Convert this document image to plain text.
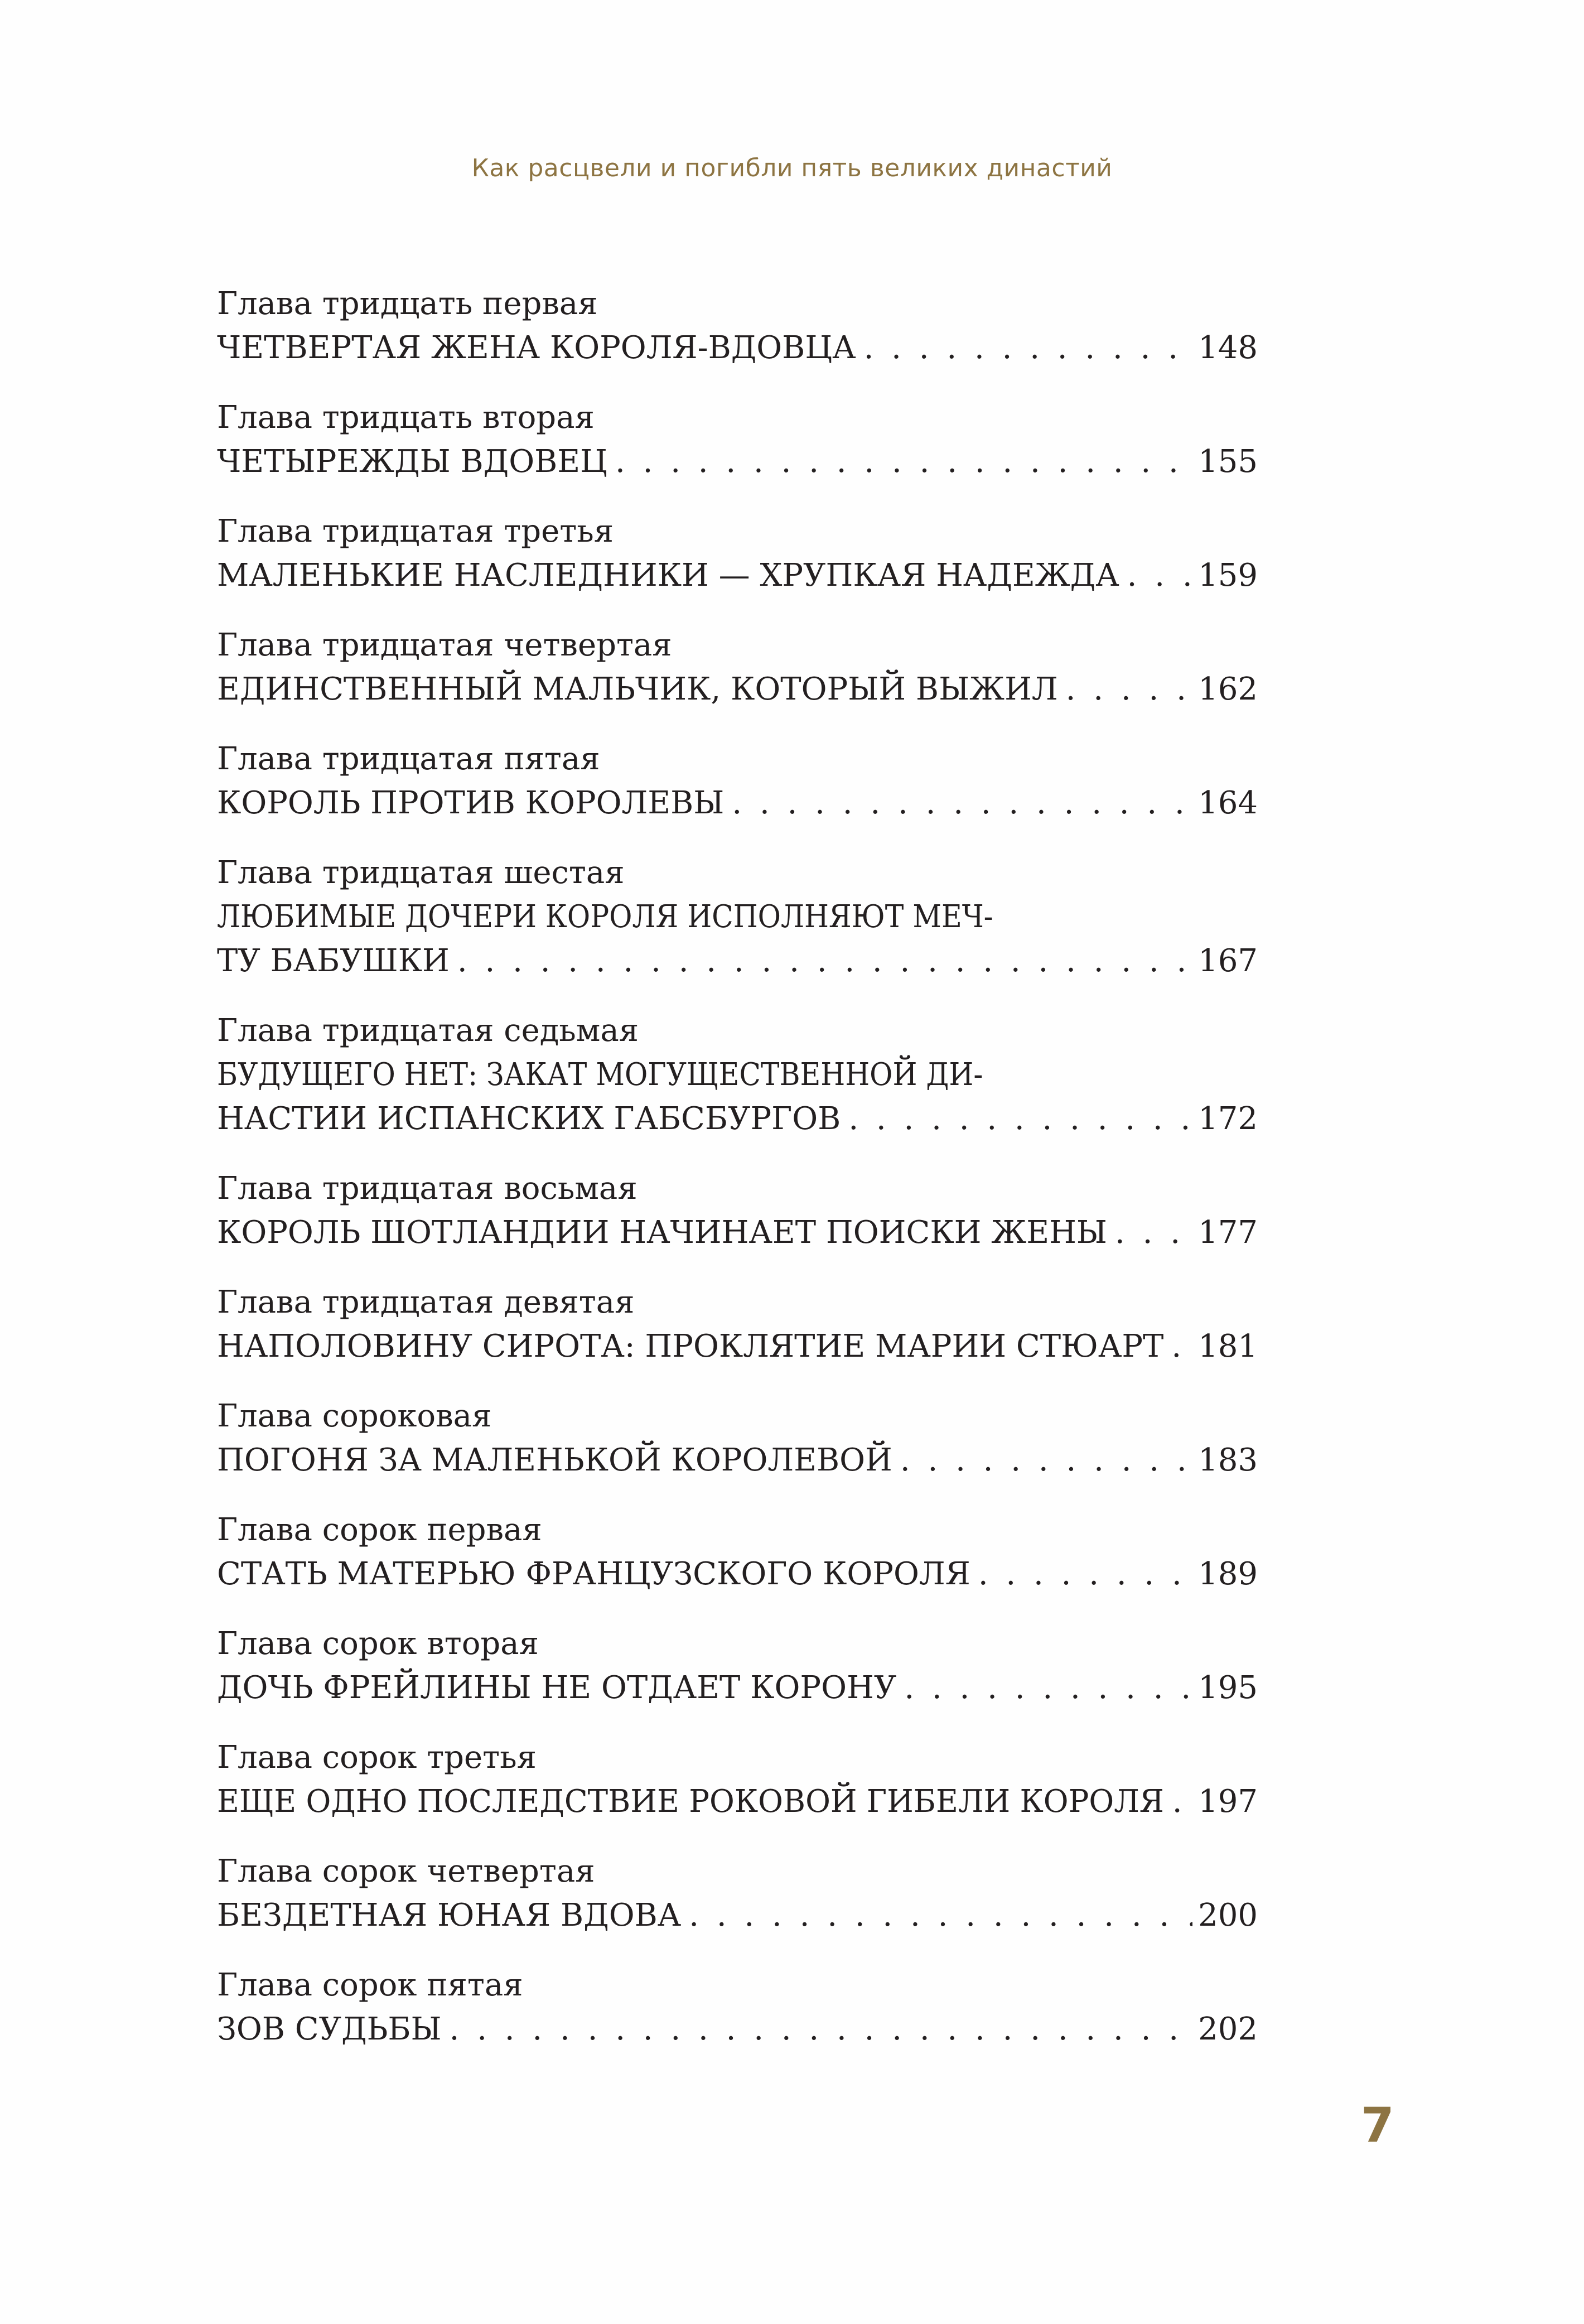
Как расцвели и погибли пять великих династий
Глава тридцать первая
ЧЕТВЕРТАЯ ЖЕНА КОРОЛЯ-ВДОВЦА . . .	148
Глава тридцать вторая
ЧЕТЫРЕЖДЫ ВДОВЕЦ . . .	155
Глава тридцатая третья
МАЛЕНЬКИЕ НАСЛЕДНИКИ — ХРУПКАЯ НАДЕЖДА . . .	159
Глава тридцатая четвертая
ЕДИНСТВЕННЫЙ МАЛЬЧИК, КОТОРЫЙ ВЫЖИЛ . . .	162
Глава тридцатая пятая
КОРОЛЬ ПРОТИВ КОРОЛЕВЫ . . .	164
Глава тридцатая шестая
ЛЮБИМЫЕ ДОЧЕРИ КОРОЛЯ ИСПОЛНЯЮТ МЕЧ-
ТУ БАБУШКИ . . .	167
Глава тридцатая седьмая
БУДУЩЕГО НЕТ: ЗАКАТ МОГУЩЕСТВЕННОЙ ДИ-
НАСТИИ ИСПАНСКИХ ГАБСБУРГОВ . . .	172
Глава тридцатая восьмая
КОРОЛЬ ШОТЛАНДИИ НАЧИНАЕТ ПОИСКИ ЖЕНЫ . . .	177
Глава тридцатая девятая
НАПОЛОВИНУ СИРОТА: ПРОКЛЯТИЕ МАРИИ СТЮАРТ . . . 181
Глава сороковая
ПОГОНЯ ЗА МАЛЕНЬКОЙ КОРОЛЕВОЙ . . .	183
Глава сорок первая
СТАТЬ МАТЕРЬЮ ФРАНЦУЗСКОГО КОРОЛЯ . . .	189
Глава сорок вторая
ДОЧЬ ФРЕЙЛИНЫ НЕ ОТДАЕТ КОРОНУ . . .	195
Глава сорок третья
ЕЩЕ ОДНО ПОСЛЕДСТВИЕ РОКОВОЙ ГИБЕЛИ КОРОЛЯ . . . 197
Глава сорок четвертая
БЕЗДЕТНАЯ ЮНАЯ ВДОВА . . .	200
Глава сорок пятая
ЗОВ СУДЬБЫ . . .	202
7
